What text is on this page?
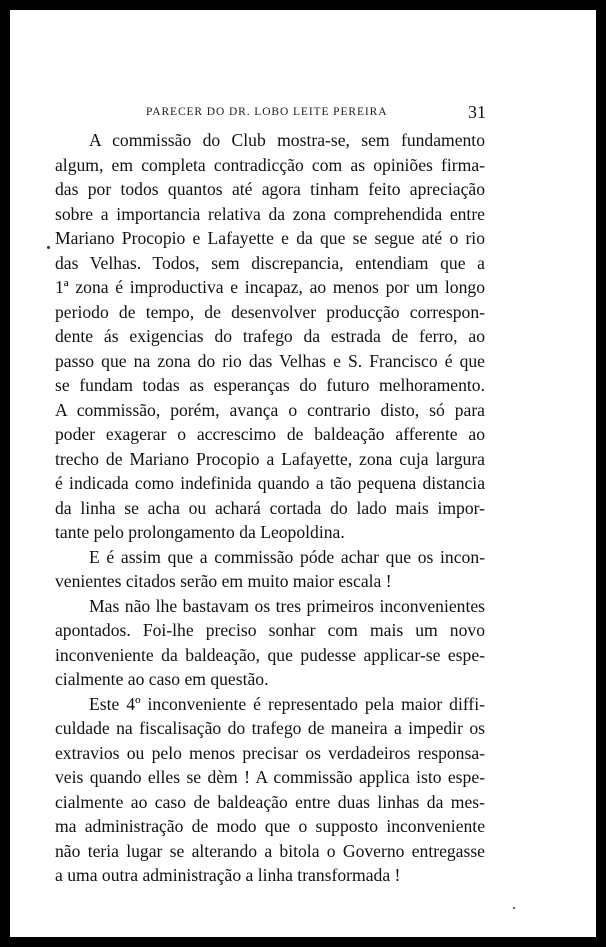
PARECER DO DR. LOBO LEITE PEREIRA	31
A commissão do Club mostra-se, sem fundamento
algum, em completa contradicção com as opiniões firma-
das por todos quantos até agora tinham feito apreciação
sobre a importancia relativa da zona comprehendida entre
Mariano Procopio e Lafayette e da que se segue até o rio
das Velhas. Todos, sem discrepancia, entendiam que a
1ª zona é improductiva e incapaz, ao menos por um longo
periodo de tempo, de desenvolver producção correspon-
dente ás exigencias do trafego da estrada de ferro, ao
passo que na zona do rio das Velhas e S. Francisco é que
se fundam todas as esperanças do futuro melhoramento.
A commissão, porém, avança o contrario disto, só para
poder exagerar o accrescimo de baldeação afferente ao
trecho de Mariano Procopio a Lafayette, zona cuja largura
é indicada como indefinida quando a tão pequena distancia
da linha se acha ou achará cortada do lado mais impor-
tante pelo prolongamento da Leopoldina.
E é assim que a commissão póde achar que os incon-
venientes citados serão em muito maior escala !
Mas não lhe bastavam os tres primeiros inconvenientes
apontados. Foi-lhe preciso sonhar com mais um novo
inconveniente da baldeação, que pudesse applicar-se espe-
cialmente ao caso em questão.
Este 4º inconveniente é representado pela maior diffi-
culdade na fiscalisação do trafego de maneira a impedir os
extravios ou pelo menos precisar os verdadeiros responsa-
veis quando elles se dèm ! A commissão applica isto espe-
cialmente ao caso de baldeação entre duas linhas da mes-
ma administração de modo que o supposto inconveniente
não teria lugar se alterando a bitola o Governo entregasse
a uma outra administração a linha transformada !
